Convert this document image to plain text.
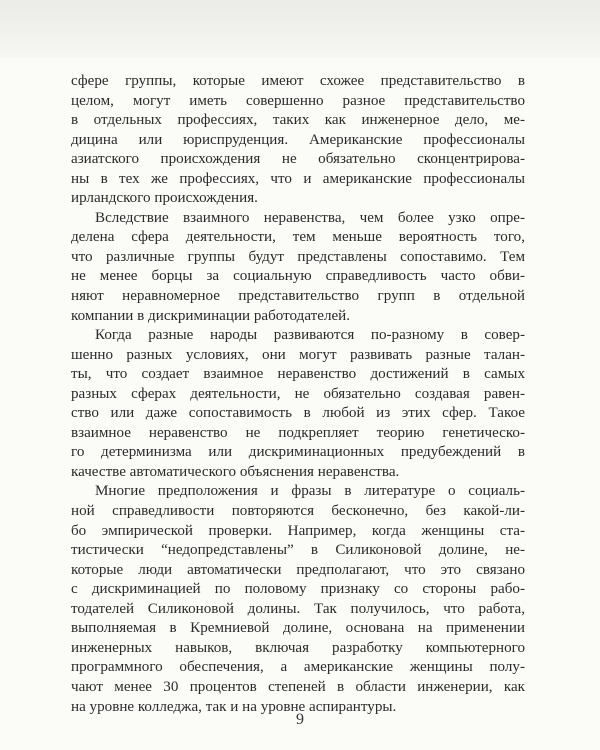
сфере группы, которые имеют схожее представительство в
целом, могут иметь совершенно разное представительство
в отдельных профессиях, таких как инженерное дело, ме-
дицина или юриспруденция. Американские профессионалы
азиатского происхождения не обязательно сконцентрирова-
ны в тех же профессиях, что и американские профессионалы
ирландского происхождения.
Вследствие взаимного неравенства, чем более узко опре-
делена сфера деятельности, тем меньше вероятность того,
что различные группы будут представлены сопоставимо. Тем
не менее борцы за социальную справедливость часто обви-
няют неравномерное представительство групп в отдельной
компании в дискриминации работодателей.
Когда разные народы развиваются по-разному в совер-
шенно разных условиях, они могут развивать разные талан-
ты, что создает взаимное неравенство достижений в самых
разных сферах деятельности, не обязательно создавая равен-
ство или даже сопоставимость в любой из этих сфер. Такое
взаимное неравенство не подкрепляет теорию генетическо-
го детерминизма или дискриминационных предубеждений в
качестве автоматического объяснения неравенства.
Многие предположения и фразы в литературе о социаль-
ной справедливости повторяются бесконечно, без какой-ли-
бо эмпирической проверки. Например, когда женщины ста-
тистически “недопредставлены” в Силиконовой долине, не-
которые люди автоматически предполагают, что это связано
с дискриминацией по половому признаку со стороны рабо-
тодателей Силиконовой долины. Так получилось, что работа,
выполняемая в Кремниевой долине, основана на применении
инженерных навыков, включая разработку компьютерного
программного обеспечения, а американские женщины полу-
чают менее 30 процентов степеней в области инженерии, как
на уровне колледжа, так и на уровне аспирантуры.
9
